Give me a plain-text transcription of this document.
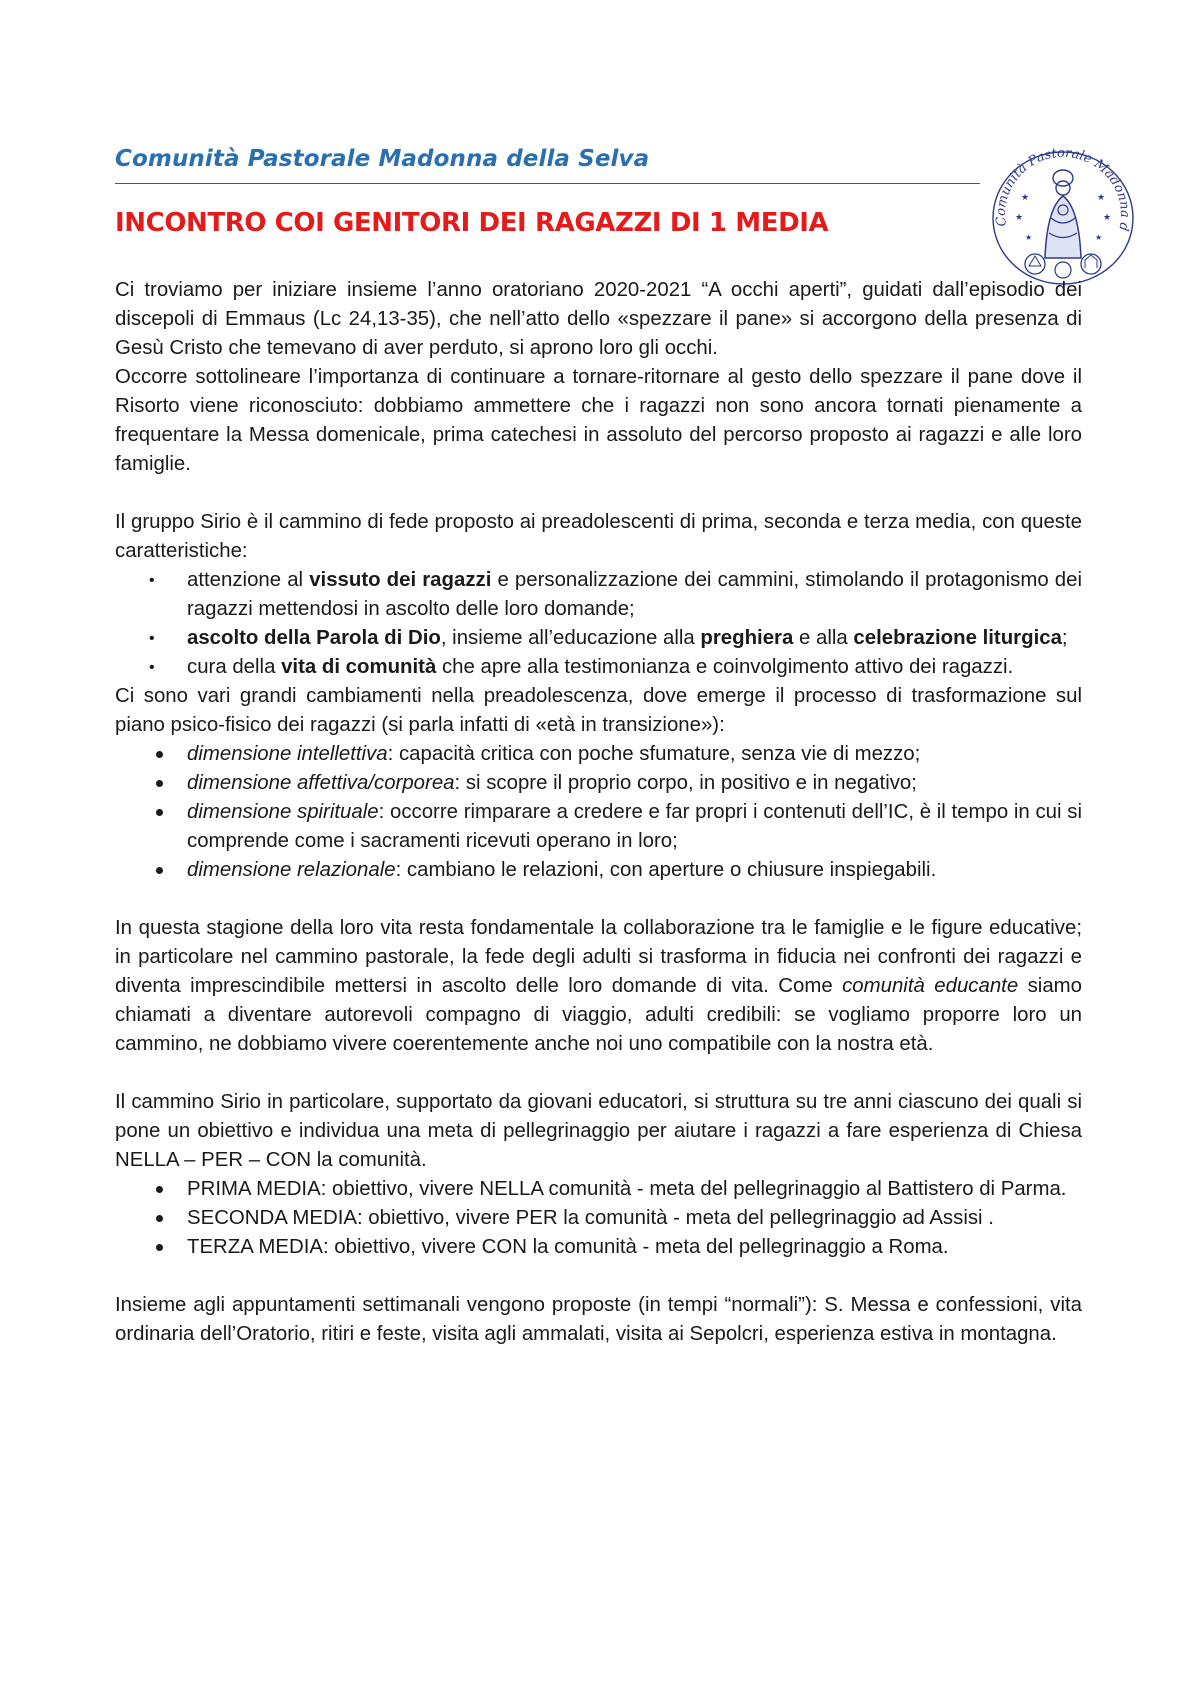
Comunità Pastorale Madonna della Selva
INCONTRO COI GENITORI DEI RAGAZZI DI 1 MEDIA	Comunità Pastorale Madonna d
★	★
★	★
★	★

Ci troviamo per iniziare insieme l’anno oratoriano 2020-2021 “A occhi aperti”, guidati dall’episodio dei discepoli di Emmaus (Lc 24,13-35), che nell’atto dello «spezzare il pane» si accorgono della presenza di Gesù Cristo che temevano di aver perduto, si aprono loro gli occhi.

Occorre sottolineare l’importanza di continuare a tornare-ritornare al gesto dello spezzare il pane dove il Risorto viene riconosciuto: dobbiamo ammettere che i ragazzi non sono ancora tornati pienamente a frequentare la Messa domenicale, prima catechesi in assoluto del percorso proposto ai ragazzi e alle loro famiglie.

Il gruppo Sirio è il cammino di fede proposto ai preadolescenti di prima, seconda e terza media, con queste caratteristiche:

• attenzione al vissuto dei ragazzi e personalizzazione dei cammini, stimolando il protagonismo dei ragazzi mettendosi in ascolto delle loro domande;
• ascolto della Parola di Dio, insieme all’educazione alla preghiera e alla celebrazione liturgica;
• cura della vita di comunità che apre alla testimonianza e coinvolgimento attivo dei ragazzi.

Ci sono vari grandi cambiamenti nella preadolescenza, dove emerge il processo di trasformazione sul piano psico-fisico dei ragazzi (si parla infatti di «età in transizione»):

dimensione intellettiva: capacità critica con poche sfumature, senza vie di mezzo;
dimensione affettiva/corporea: si scopre il proprio corpo, in positivo e in negativo;
dimensione spirituale: occorre rimparare a credere e far propri i contenuti dell’IC, è il tempo in cui si comprende come i sacramenti ricevuti operano in loro;
dimensione relazionale: cambiano le relazioni, con aperture o chiusure inspiegabili.

In questa stagione della loro vita resta fondamentale la collaborazione tra le famiglie e le figure educative; in particolare nel cammino pastorale, la fede degli adulti si trasforma in fiducia nei confronti dei ragazzi e diventa imprescindibile mettersi in ascolto delle loro domande di vita. Come comunità educante siamo chiamati a diventare autorevoli compagno di viaggio, adulti credibili: se vogliamo proporre loro un cammino, ne dobbiamo vivere coerentemente anche noi uno compatibile con la nostra età.

Il cammino Sirio in particolare, supportato da giovani educatori, si struttura su tre anni ciascuno dei quali si pone un obiettivo e individua una meta di pellegrinaggio per aiutare i ragazzi a fare esperienza di Chiesa NELLA – PER – CON la comunità.

PRIMA MEDIA: obiettivo, vivere NELLA comunità - meta del pellegrinaggio al Battistero di Parma.
SECONDA MEDIA: obiettivo, vivere PER la comunità - meta del pellegrinaggio ad Assisi .
TERZA MEDIA: obiettivo, vivere CON la comunità - meta del pellegrinaggio a Roma.

Insieme agli appuntamenti settimanali vengono proposte (in tempi “normali”): S. Messa e confessioni, vita ordinaria dell’Oratorio, ritiri e feste, visita agli ammalati, visita ai Sepolcri, esperienza estiva in montagna.
